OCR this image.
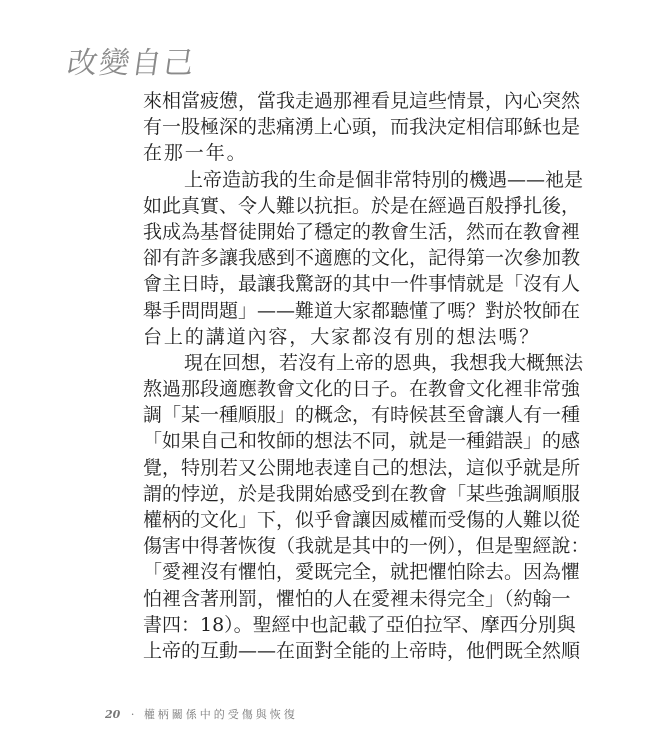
改變自己
來相當疲憊，當我走過那裡看見這些情景，內心突然
有一股極深的悲痛湧上心頭，而我決定相信耶穌也是
在那一年。
上帝造訪我的生命是個非常特別的機遇——祂是
如此真實、令人難以抗拒。於是在經過百般掙扎後，
我成為基督徒開始了穩定的教會生活，然而在教會裡
卻有許多讓我感到不適應的文化，記得第一次參加教
會主日時，最讓我驚訝的其中一件事情就是「沒有人
舉手問問題」——難道大家都聽懂了嗎？對於牧師在
台上的講道內容，大家都沒有別的想法嗎？
現在回想，若沒有上帝的恩典，我想我大概無法
熬過那段適應教會文化的日子。在教會文化裡非常強
調「某一種順服」的概念，有時候甚至會讓人有一種
「如果自己和牧師的想法不同，就是一種錯誤」的感
覺，特別若又公開地表達自己的想法，這似乎就是所
謂的悖逆，於是我開始感受到在教會「某些強調順服
權柄的文化」下，似乎會讓因威權而受傷的人難以從
傷害中得著恢復（我就是其中的一例），但是聖經說：
「愛裡沒有懼怕，愛既完全，就把懼怕除去。因為懼
怕裡含著刑罰，懼怕的人在愛裡未得完全」（約翰一
書四：18）。聖經中也記載了亞伯拉罕、摩西分別與
上帝的互動——在面對全能的上帝時，他們既全然順
20 · 權柄關係中的受傷與恢復
